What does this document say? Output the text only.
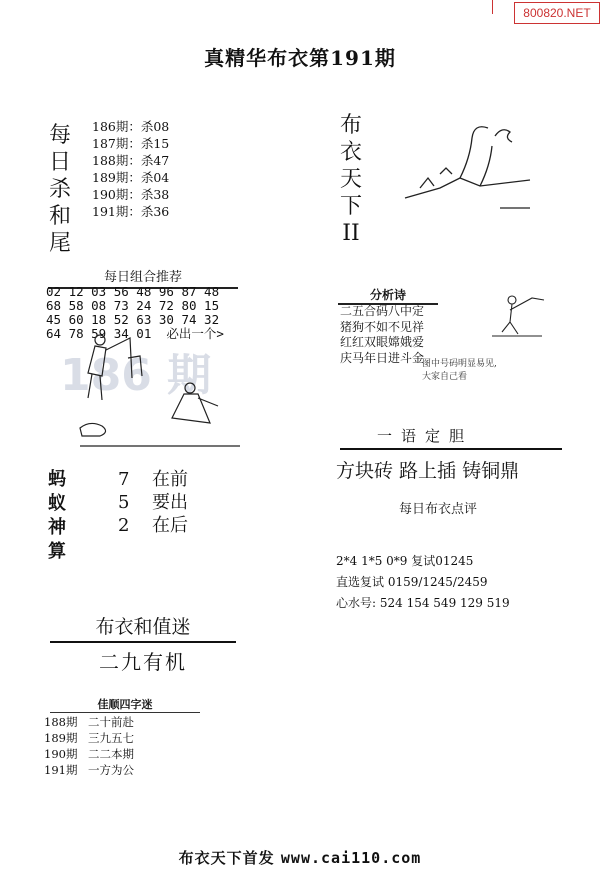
800820.NET
真精华布衣第191期
每
日
杀
和
尾
186期：杀08
187期：杀15
188期：杀47
189期：杀04
190期：杀38
191期：杀36
每日组合推荐
02 12 03 56 48 96 87 48
68 58 08 73 24 72 80 15
45 60 18 52 63 30 74 32
64 78 59 34 01  必出一个>
186 期
蚂
蚁
神
算
7 在前
5 要出
2 在后
布衣和值迷
二九有机
佳顺四字迷
188期 二十前赴
189期 三九五七
190期 二二本期
191期 一方为公
布
衣
天
下
II
分析诗
二五合码八中定
猪狗不如不见祥
红红双眼嫦娥爱
庆马年日进斗金
图中号码明显易见,
大家自己看
一语定胆
方块砖 路上插 铸铜鼎
每日布衣点评
2*4 1*5 0*9 复试01245
直选复试 0159/1245/2459
心水号: 524 154 549 129 519
布衣天下首发 www.cai110.com
